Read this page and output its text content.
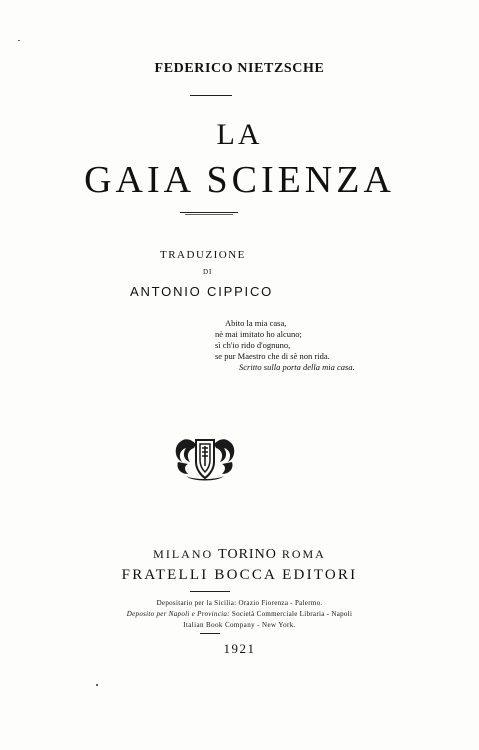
FEDERICO NIETZSCHE
LA
GAIA SCIENZA
TRADUZIONE
DI
ANTONIO CIPPICO
Abito la mia casa,
nè mai imitato ho alcuno;
sì ch'io rido d'ognuno,
se pur Maestro che di sè non rida.
Scritto sulla porta della mia casa.
MILANO TORINO ROMA
FRATELLI BOCCA EDITORI
Depositario per la Sicilia: Orazio Fiorenza - Palermo.
Deposito per Napoli e Provincia: Società Commerciale Libraria - Napoli
Italian Book Company - New York.
1921
